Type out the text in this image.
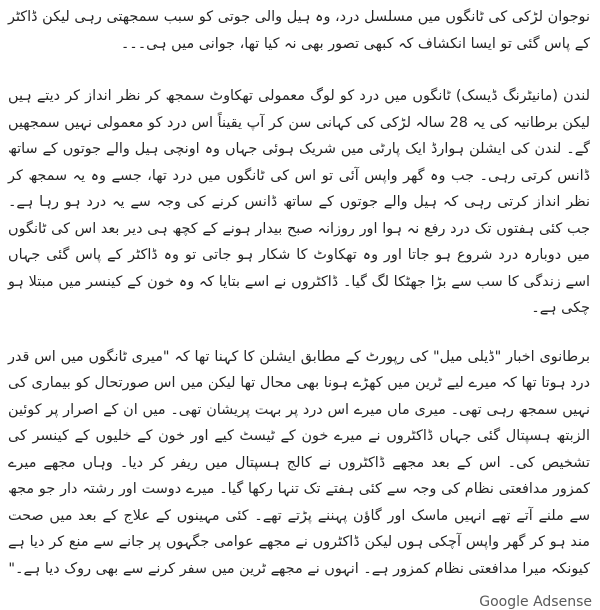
نوجوان لڑکی کی ٹانگوں میں مسلسل درد، وہ ہیل والی جوتی کو سبب سمجھتی رہی لیکن ڈاکٹر کے پاس گئی تو ایسا انکشاف کہ کبھی تصور بھی نہ کیا تھا، جوانی میں ہی۔۔۔

لندن (مانیٹرنگ ڈیسک) ٹانگوں میں درد کو لوگ معمولی تھکاوٹ سمجھ کر نظر انداز کر دیتے ہیں لیکن برطانیہ کی یہ 28 سالہ لڑکی کی کہانی سن کر آپ یقیناً اس درد کو معمولی نہیں سمجھیں گے۔ لندن کی ایشلن ہوارڈ ایک پارٹی میں شریک ہوئی جہاں وہ اونچی ہیل والے جوتوں کے ساتھ ڈانس کرتی رہی۔ جب وہ گھر واپس آئی تو اس کی ٹانگوں میں درد تھا، جسے وہ یہ سمجھ کر نظر انداز کرتی رہی کہ ہیل والے جوتوں کے ساتھ ڈانس کرنے کی وجہ سے یہ درد ہو رہا ہے۔ جب کئی ہفتوں تک درد رفع نہ ہوا اور روزانہ صبح بیدار ہونے کے کچھ ہی دیر بعد اس کی ٹانگوں میں دوبارہ درد شروع ہو جاتا اور وہ تھکاوٹ کا شکار ہو جاتی تو وہ ڈاکٹر کے پاس گئی جہاں اسے زندگی کا سب سے بڑا جھٹکا لگ گیا۔ ڈاکٹروں نے اسے بتایا کہ وہ خون کے کینسر میں مبتلا ہو چکی ہے۔

برطانوی اخبار "ڈیلی میل" کی رپورٹ کے مطابق ایشلن کا کہنا تھا کہ "میری ٹانگوں میں اس قدر درد ہوتا تھا کہ میرے لیے ٹرین میں کھڑے ہونا بھی محال تھا لیکن میں اس صورتحال کو بیماری کی نہیں سمجھ رہی تھی۔ میری ماں میرے اس درد پر بہت پریشان تھی۔ میں ان کے اصرار پر کوئین الزبتھ ہسپتال گئی جہاں ڈاکٹروں نے میرے خون کے ٹیسٹ کیے اور خون کے خلیوں کے کینسر کی تشخیص کی۔ اس کے بعد مجھے ڈاکٹروں نے کالج ہسپتال میں ریفر کر دیا۔ وہاں مجھے میرے کمزور مدافعتی نظام کی وجہ سے کئی ہفتے تک تنہا رکھا گیا۔ میرے دوست اور رشتہ دار جو مجھ سے ملنے آتے تھے انہیں ماسک اور گاؤن پہننے پڑتے تھے۔ کئی مہینوں کے علاج کے بعد میں صحت مند ہو کر گھر واپس آچکی ہوں لیکن ڈاکٹروں نے مجھے عوامی جگہوں پر جانے سے منع کر دیا ہے کیونکہ میرا مدافعتی نظام کمزور ہے۔ انہوں نے مجھے ٹرین میں سفر کرنے سے بھی روک دیا ہے۔"

Google Adsense
